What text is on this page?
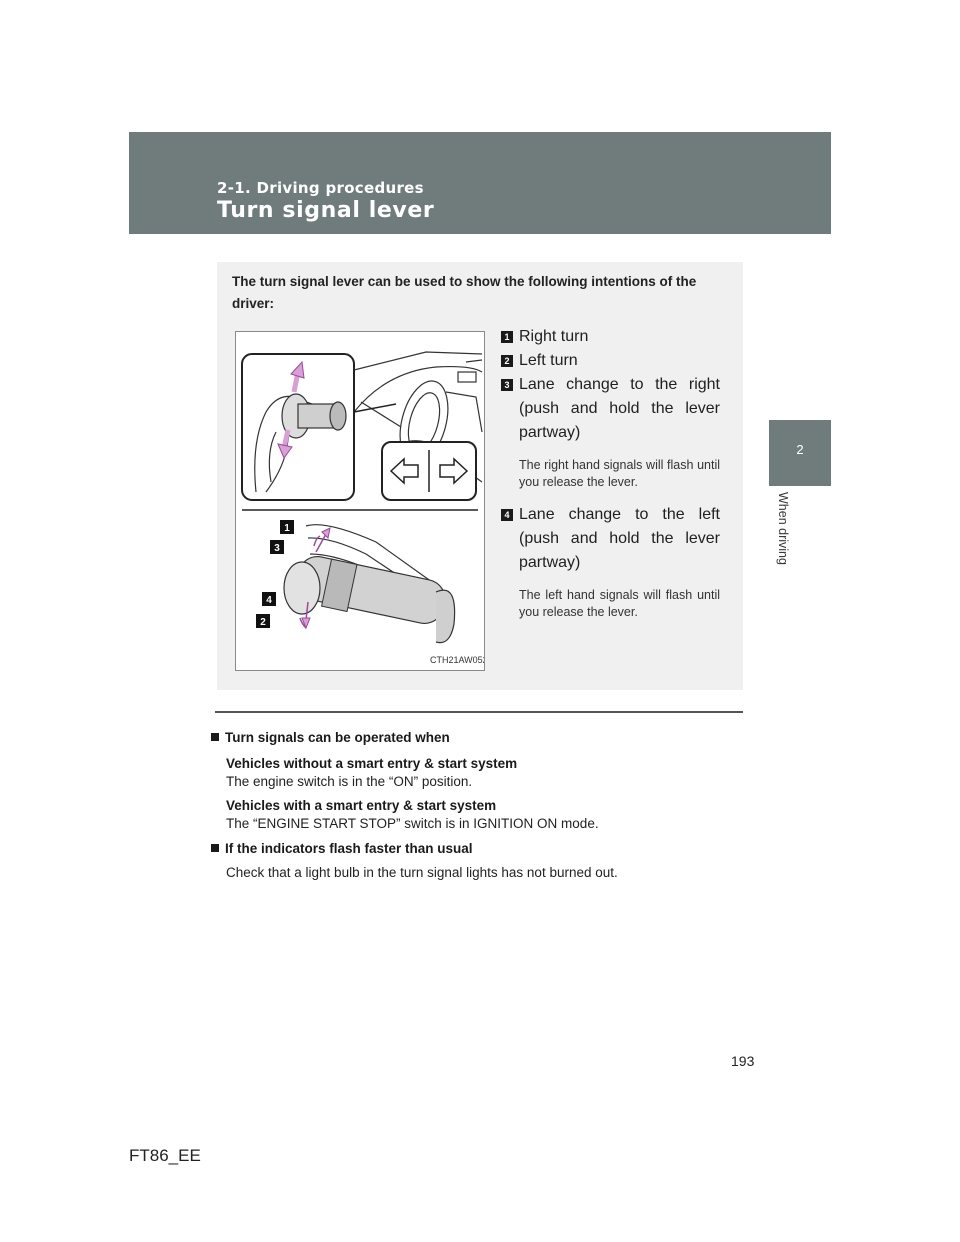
2-1. Driving procedures
Turn signal lever
2
When driving
The turn signal lever can be used to show the following intentions of the driver:
1
3
4
2
CTH21AW052
1 Right turn
2 Left turn
3 Lane change to the right (push and hold the lever partway)
The right hand signals will flash until you release the lever.
4 Lane change to the left (push and hold the lever partway)
The left hand signals will flash until you release the lever.
Turn signals can be operated when
Vehicles without a smart entry & start system
The engine switch is in the “ON” position.
Vehicles with a smart entry & start system
The “ENGINE START STOP” switch is in IGNITION ON mode.
If the indicators flash faster than usual
Check that a light bulb in the turn signal lights has not burned out.
193
FT86_EE
